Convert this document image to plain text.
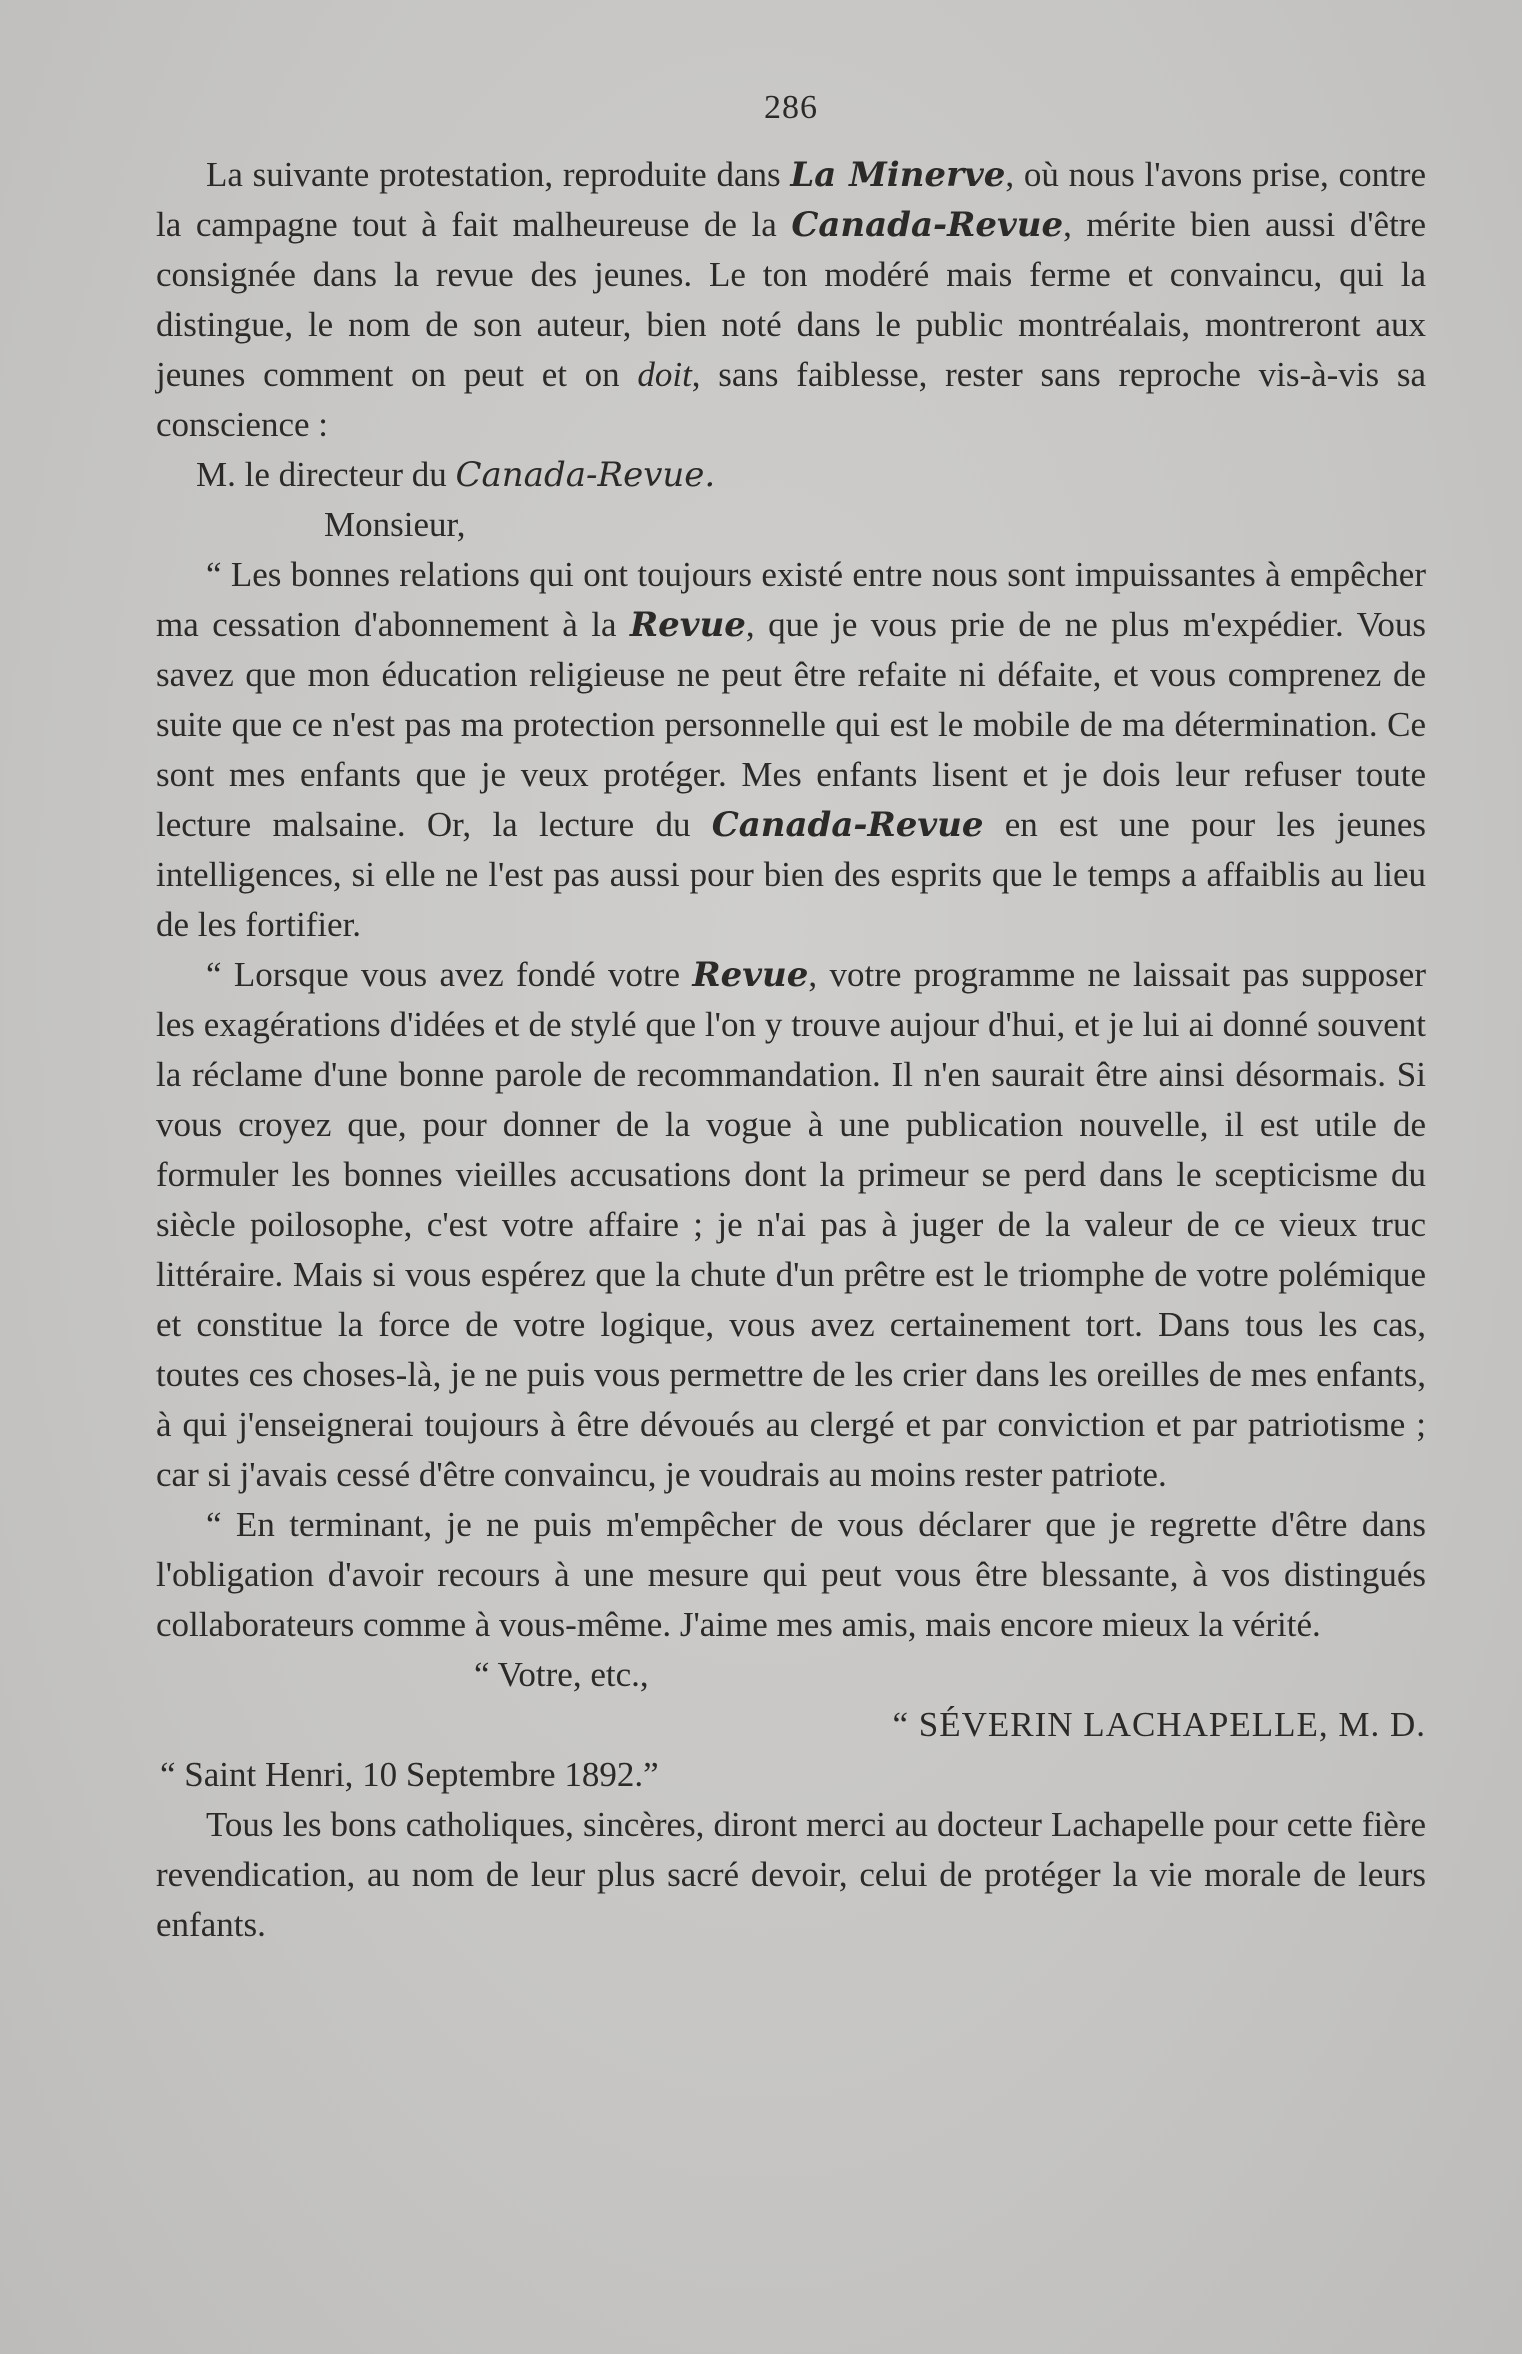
286

La suivante protestation, reproduite dans La Minerve, où nous l'avons prise, contre la campagne tout à fait malheureuse de la Canada-Revue, mérite bien aussi d'être consignée dans la revue des jeunes. Le ton modéré mais ferme et convaincu, qui la distingue, le nom de son auteur, bien noté dans le public montréalais, montreront aux jeunes comment on peut et on doit, sans faiblesse, rester sans reproche vis-à-vis sa conscience :

M. le directeur du Canada-Revue.

Monsieur,

“ Les bonnes relations qui ont toujours existé entre nous sont impuissantes à empêcher ma cessation d'abonnement à la Revue, que je vous prie de ne plus m'expédier. Vous savez que mon éducation religieuse ne peut être refaite ni défaite, et vous comprenez de suite que ce n'est pas ma protection personnelle qui est le mobile de ma détermination. Ce sont mes enfants que je veux protéger. Mes enfants lisent et je dois leur refuser toute lecture malsaine. Or, la lecture du Canada-Revue en est une pour les jeunes intelligences, si elle ne l'est pas aussi pour bien des esprits que le temps a affaiblis au lieu de les fortifier.

“ Lorsque vous avez fondé votre Revue, votre programme ne laissait pas supposer les exagérations d'idées et de stylé que l'on y trouve aujour d'hui, et je lui ai donné souvent la réclame d'une bonne parole de recommandation. Il n'en saurait être ainsi désormais. Si vous croyez que, pour donner de la vogue à une publication nouvelle, il est utile de formuler les bonnes vieilles accusations dont la primeur se perd dans le scepticisme du siècle poilosophe, c'est votre affaire ; je n'ai pas à juger de la valeur de ce vieux truc littéraire. Mais si vous espérez que la chute d'un prêtre est le triomphe de votre polémique et constitue la force de votre logique, vous avez certainement tort. Dans tous les cas, toutes ces choses-là, je ne puis vous permettre de les crier dans les oreilles de mes enfants, à qui j'enseignerai toujours à être dévoués au clergé et par conviction et par patriotisme ; car si j'avais cessé d'être convaincu, je voudrais au moins rester patriote.

“ En terminant, je ne puis m'empêcher de vous déclarer que je regrette d'être dans l'obligation d'avoir recours à une mesure qui peut vous être blessante, à vos distingués collaborateurs comme à vous-même. J'aime mes amis, mais encore mieux la vérité.

“ Votre, etc.,

“ SÉVERIN LACHAPELLE, M. D.

“ Saint Henri, 10 Septembre 1892.”

Tous les bons catholiques, sincères, diront merci au docteur Lachapelle pour cette fière revendication, au nom de leur plus sacré devoir, celui de protéger la vie morale de leurs enfants.
